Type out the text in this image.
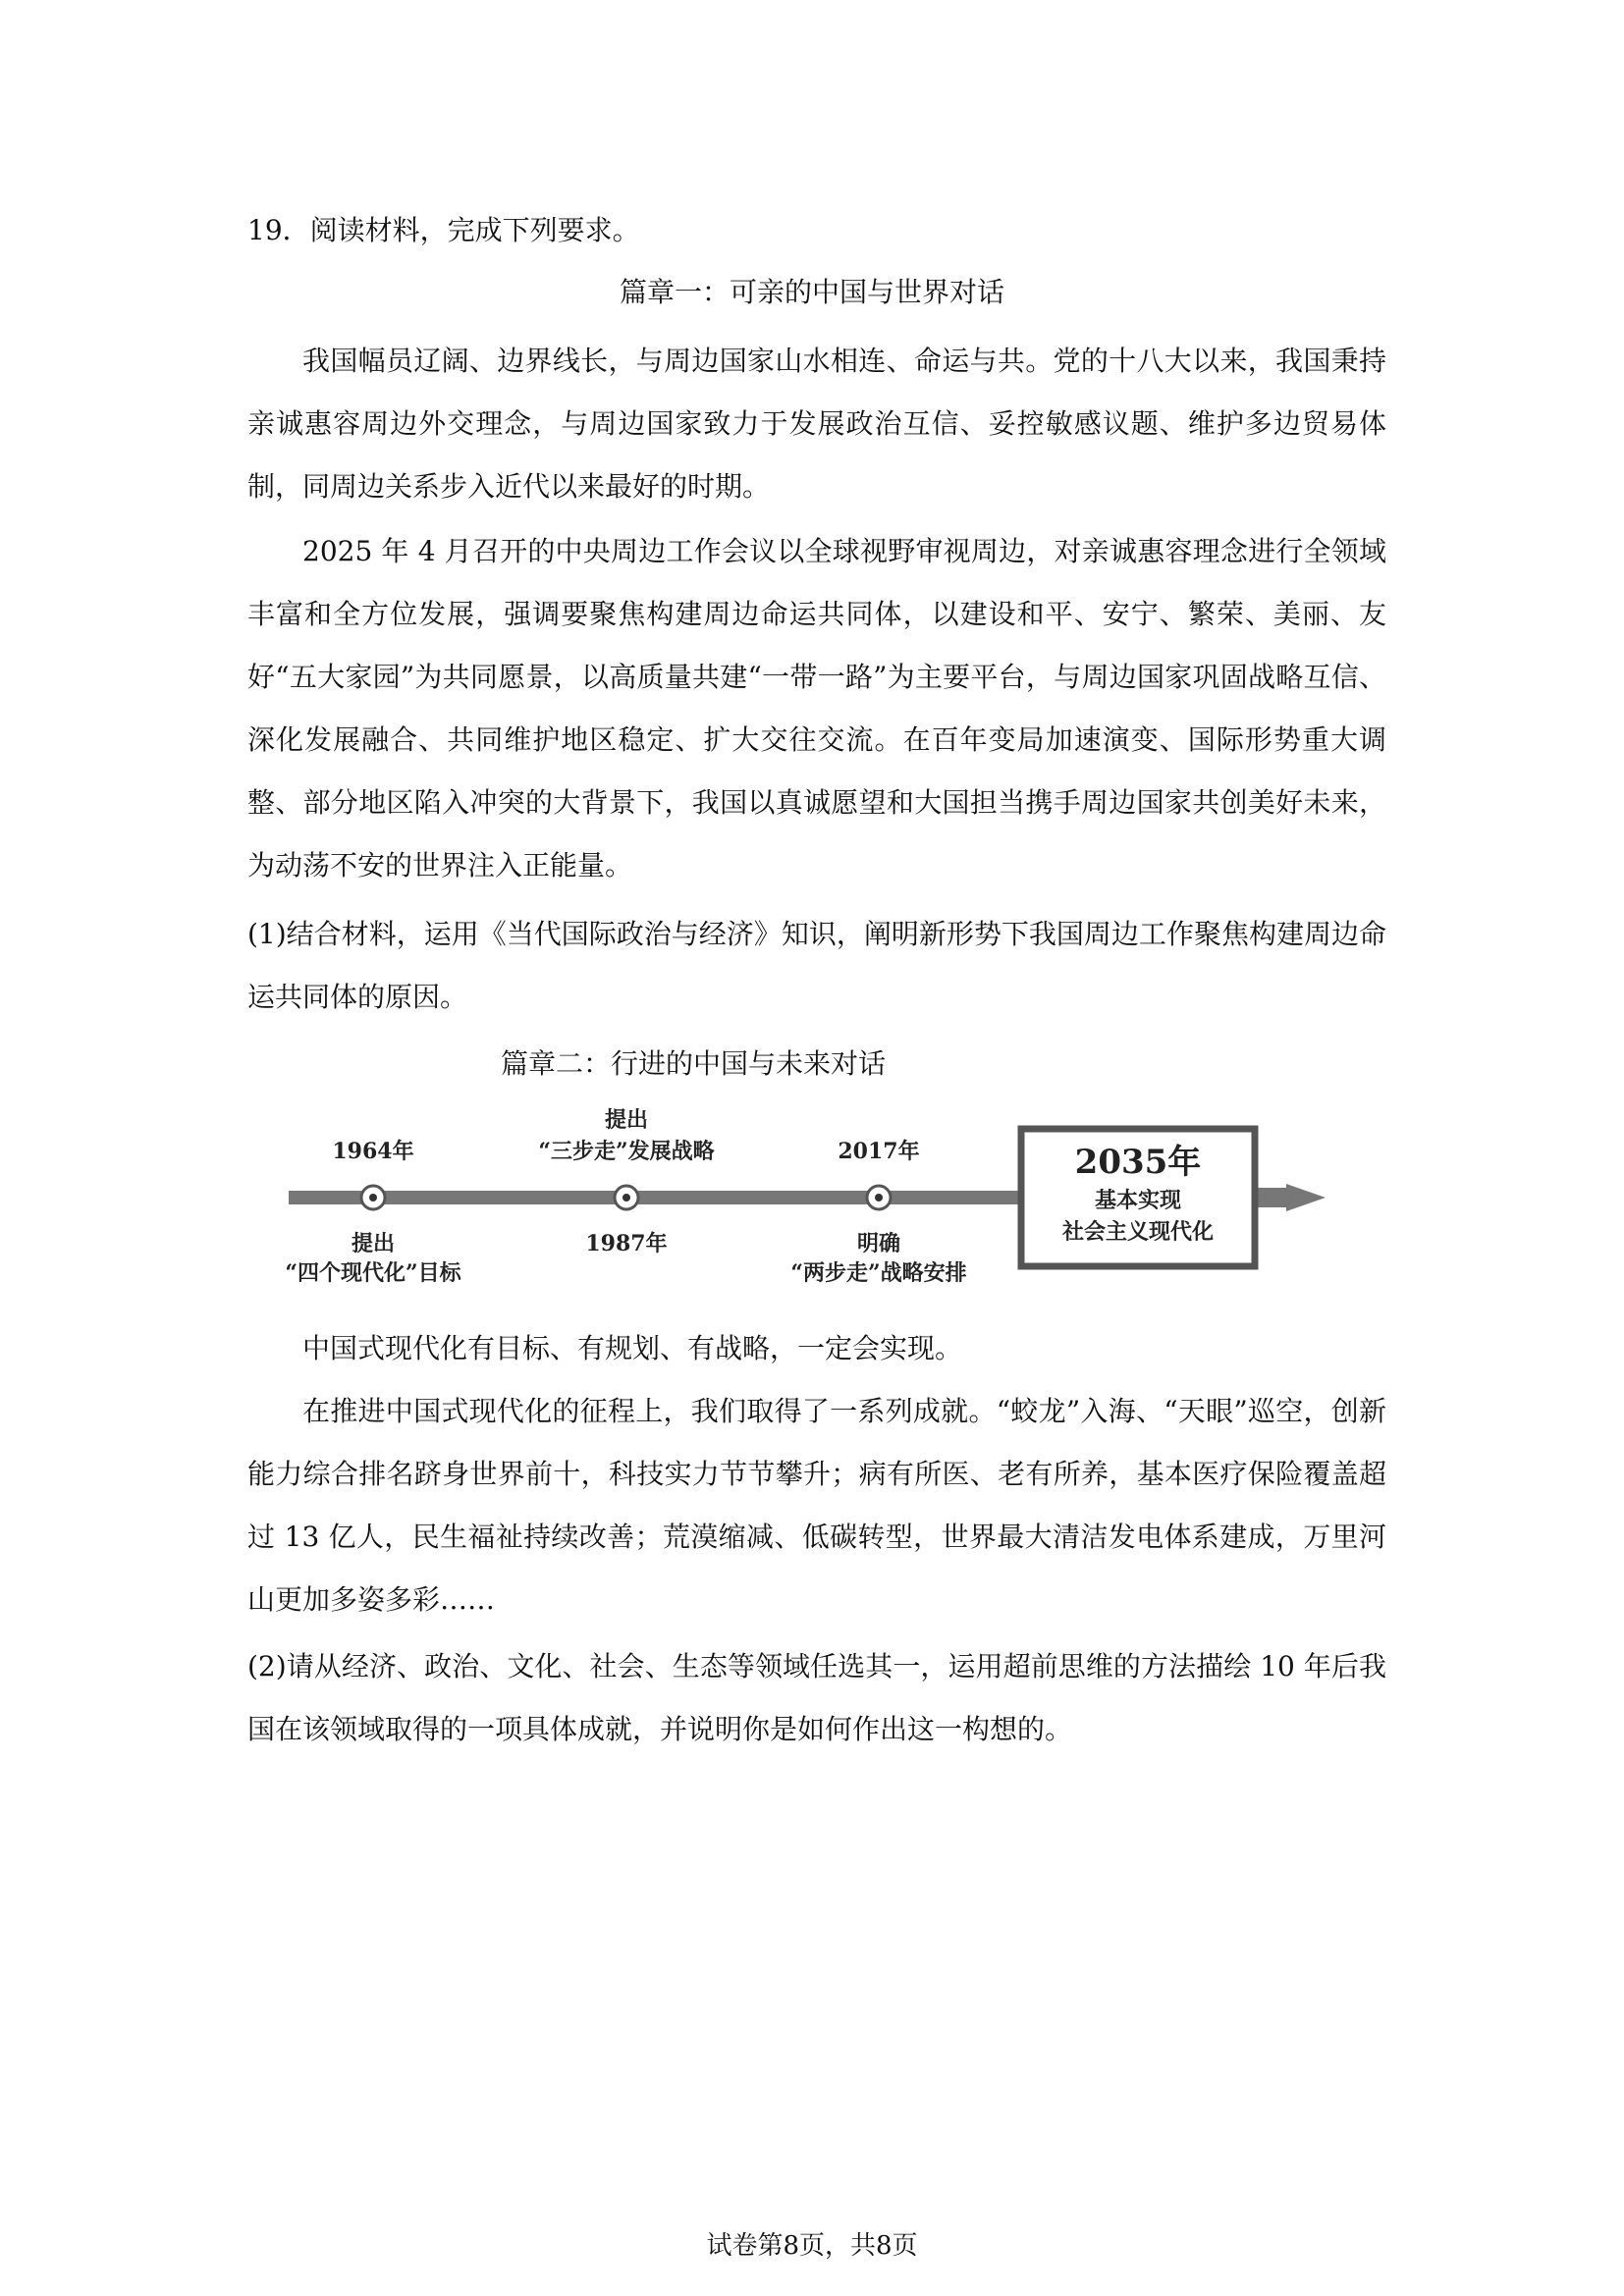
19．阅读材料，完成下列要求。

篇章一：可亲的中国与世界对话

我国幅员辽阔、边界线长，与周边国家山水相连、命运与共。党的十八大以来，我国秉持亲诚惠容周边外交理念，与周边国家致力于发展政治互信、妥控敏感议题、维护多边贸易体制，同周边关系步入近代以来最好的时期。

2025 年 4 月召开的中央周边工作会议以全球视野审视周边，对亲诚惠容理念进行全领域丰富和全方位发展，强调要聚焦构建周边命运共同体，以建设和平、安宁、繁荣、美丽、友好“五大家园”为共同愿景，以高质量共建“一带一路”为主要平台，与周边国家巩固战略互信、深化发展融合、共同维护地区稳定、扩大交往交流。在百年变局加速演变、国际形势重大调整、部分地区陷入冲突的大背景下，我国以真诚愿望和大国担当携手周边国家共创美好未来，为动荡不安的世界注入正能量。

(1)结合材料，运用《当代国际政治与经济》知识，阐明新形势下我国周边工作聚焦构建周边命运共同体的原因。

篇章二：行进的中国与未来对话

1964年
提出
“四个现代化”目标
提出
“三步走”发展战略
1987年
2017年
明确
“两步走”战略安排
2035年
基本实现
社会主义现代化

中国式现代化有目标、有规划、有战略，一定会实现。

在推进中国式现代化的征程上，我们取得了一系列成就。“蛟龙”入海、“天眼”巡空，创新能力综合排名跻身世界前十，科技实力节节攀升；病有所医、老有所养，基本医疗保险覆盖超过 13 亿人，民生福祉持续改善；荒漠缩减、低碳转型，世界最大清洁发电体系建成，万里河山更加多姿多彩……

(2)请从经济、政治、文化、社会、生态等领域任选其一，运用超前思维的方法描绘 10 年后我国在该领域取得的一项具体成就，并说明你是如何作出这一构想的。

试卷第8页，共8页
